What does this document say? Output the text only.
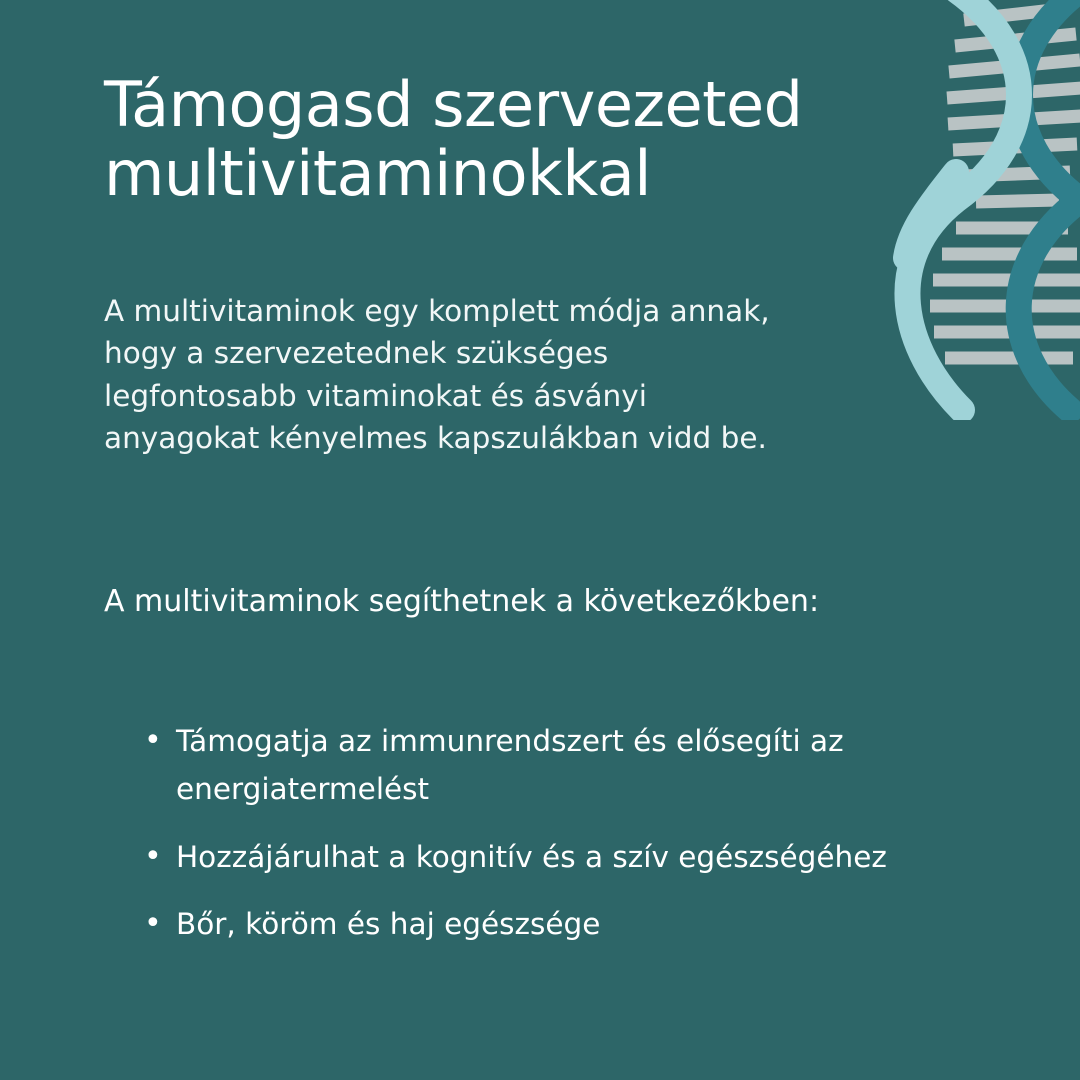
Támogasd szervezeted multivitaminokkal

A multivitaminok egy komplett módja annak, hogy a szervezetednek szükséges legfontosabb vitaminokat és ásványi anyagokat kényelmes kapszulákban vidd be.

A multivitaminok segíthetnek a következőkben:

• Támogatja az immunrendszert és elősegíti az energiatermelést
• Hozzájárulhat a kognitív és a szív egészségéhez
• Bőr, köröm és haj egészsége
